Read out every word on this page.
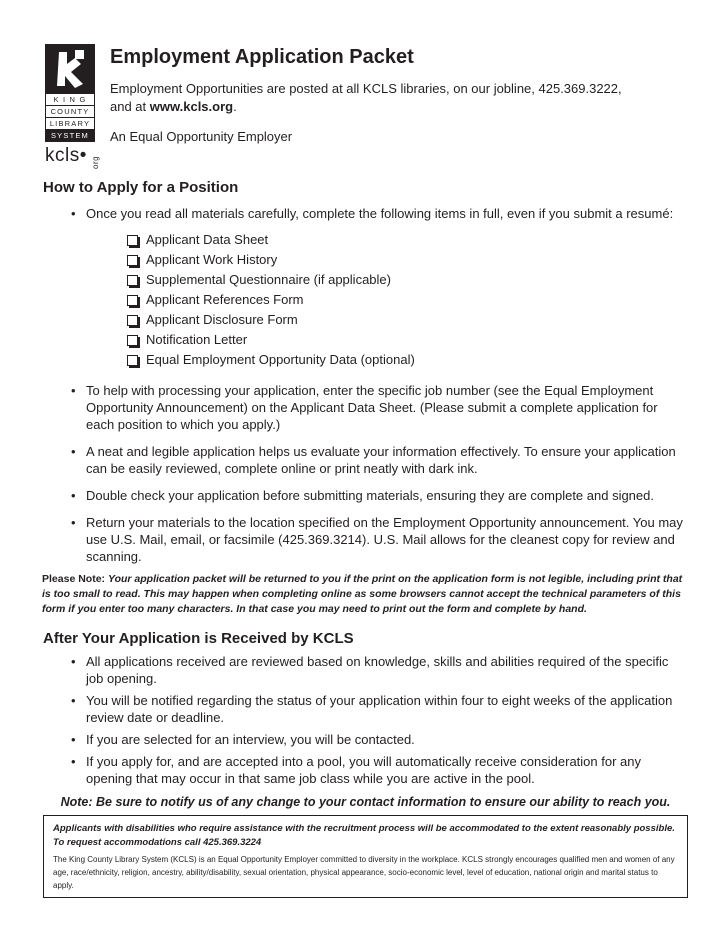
K I N G
COUNTY
LIBRARY
SYSTEM
kcls• org
Employment Application Packet

Employment Opportunities are posted at all KCLS libraries, on our jobline, 425.369.3222,

and at www.kcls.org.

An Equal Opportunity Employer

How to Apply for a Position
• Once you read all materials carefully, complete the following items in full, even if you submit a resumé:
Applicant Data Sheet
Applicant Work History
Supplemental Questionnaire (if applicable)
Applicant References Form
Applicant Disclosure Form
Notification Letter
Equal Employment Opportunity Data (optional)
• To help with processing your application, enter the specific job number (see the Equal Employment Opportunity Announcement) on the Applicant Data Sheet. (Please submit a complete application for each position to which you apply.)
• A neat and legible application helps us evaluate your information effectively. To ensure your application can be easily reviewed, complete online or print neatly with dark ink.
• Double check your application before submitting materials, ensuring they are complete and signed.
• Return your materials to the location specified on the Employment Opportunity announcement. You may use U.S. Mail, email, or facsimile (425.369.3214). U.S. Mail allows for the cleanest copy for review and scanning.

Please Note: Your application packet will be returned to you if the print on the application form is not legible, including print that is too small to read. This may happen when completing online as some browsers cannot accept the technical parameters of this form if you enter too many characters. In that case you may need to print out the form and complete by hand.

After Your Application is Received by KCLS
• All applications received are reviewed based on knowledge, skills and abilities required of the specific job opening.
• You will be notified regarding the status of your application within four to eight weeks of the application review date or deadline.
• If you are selected for an interview, you will be contacted.
• If you apply for, and are accepted into a pool, you will automatically receive consideration for any opening that may occur in that same job class while you are active in the pool.

Note: Be sure to notify us of any change to your contact information to ensure our ability to reach you.

Applicants with disabilities who require assistance with the recruitment process will be accommodated to the extent reasonably possible. To request accommodations call 425.369.3224

The King County Library System (KCLS) is an Equal Opportunity Employer committed to diversity in the workplace. KCLS strongly encourages qualified men and women of any age, race/ethnicity, religion, ancestry, ability/disability, sexual orientation, physical appearance, socio-economic level, level of education, national origin and marital status to apply.
